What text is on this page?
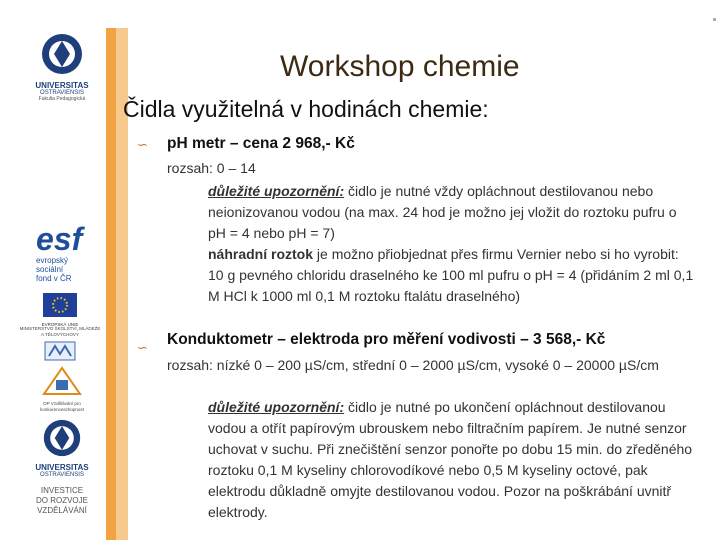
UNIVERSITAS
OSTRAVIENSIS
Fakulta Pedagogická
esf
evropský
sociální
fond v ČR
EVROPSKÁ UNIE
MINISTERSTVO ŠKOLSTVÍ, MLÁDEŽE A TĚLOVÝCHOVY
OP Vzdělávání pro konkurenceschopnost
UNIVERSITAS
OSTRAVIENSIS
INVESTICE
DO ROZVOJE
VZDĚLÁVÁNÍ
Workshop chemie
Čidla využitelná v hodinách chemie:
∽ pH metr – cena 2 968,- Kč
rozsah: 0 – 14
důležité upozornění: čidlo je nutné vždy opláchnout destilovanou nebo neionizovanou vodou (na max. 24 hod je možno jej vložit do roztoku pufru o pH = 4 nebo pH = 7)
náhradní roztok je možno přiobjednat přes firmu Vernier nebo si ho vyrobit: 10 g pevného chloridu draselného ke 100 ml pufru o pH = 4 (přidáním 2 ml 0,1 M HCl k 1000 ml 0,1 M roztoku ftalátu draselného)
∽ Konduktometr – elektroda pro měření vodivosti – 3 568,- Kč
rozsah: nízké 0 – 200 µS/cm, střední 0 – 2000 µS/cm, vysoké 0 – 20000 µS/cm
důležité upozornění: čidlo je nutné po ukončení opláchnout destilovanou vodou a otřít papírovým ubrouskem nebo filtračním papírem. Je nutné senzor uchovat v suchu. Při znečištění senzor ponořte po dobu 15 min. do zředěného roztoku 0,1 M kyseliny chlorovodíkové nebo 0,5 M kyseliny octové, pak elektrodu důkladně omyjte destilovanou vodou. Pozor na poškrábání uvnitř elektrody.
